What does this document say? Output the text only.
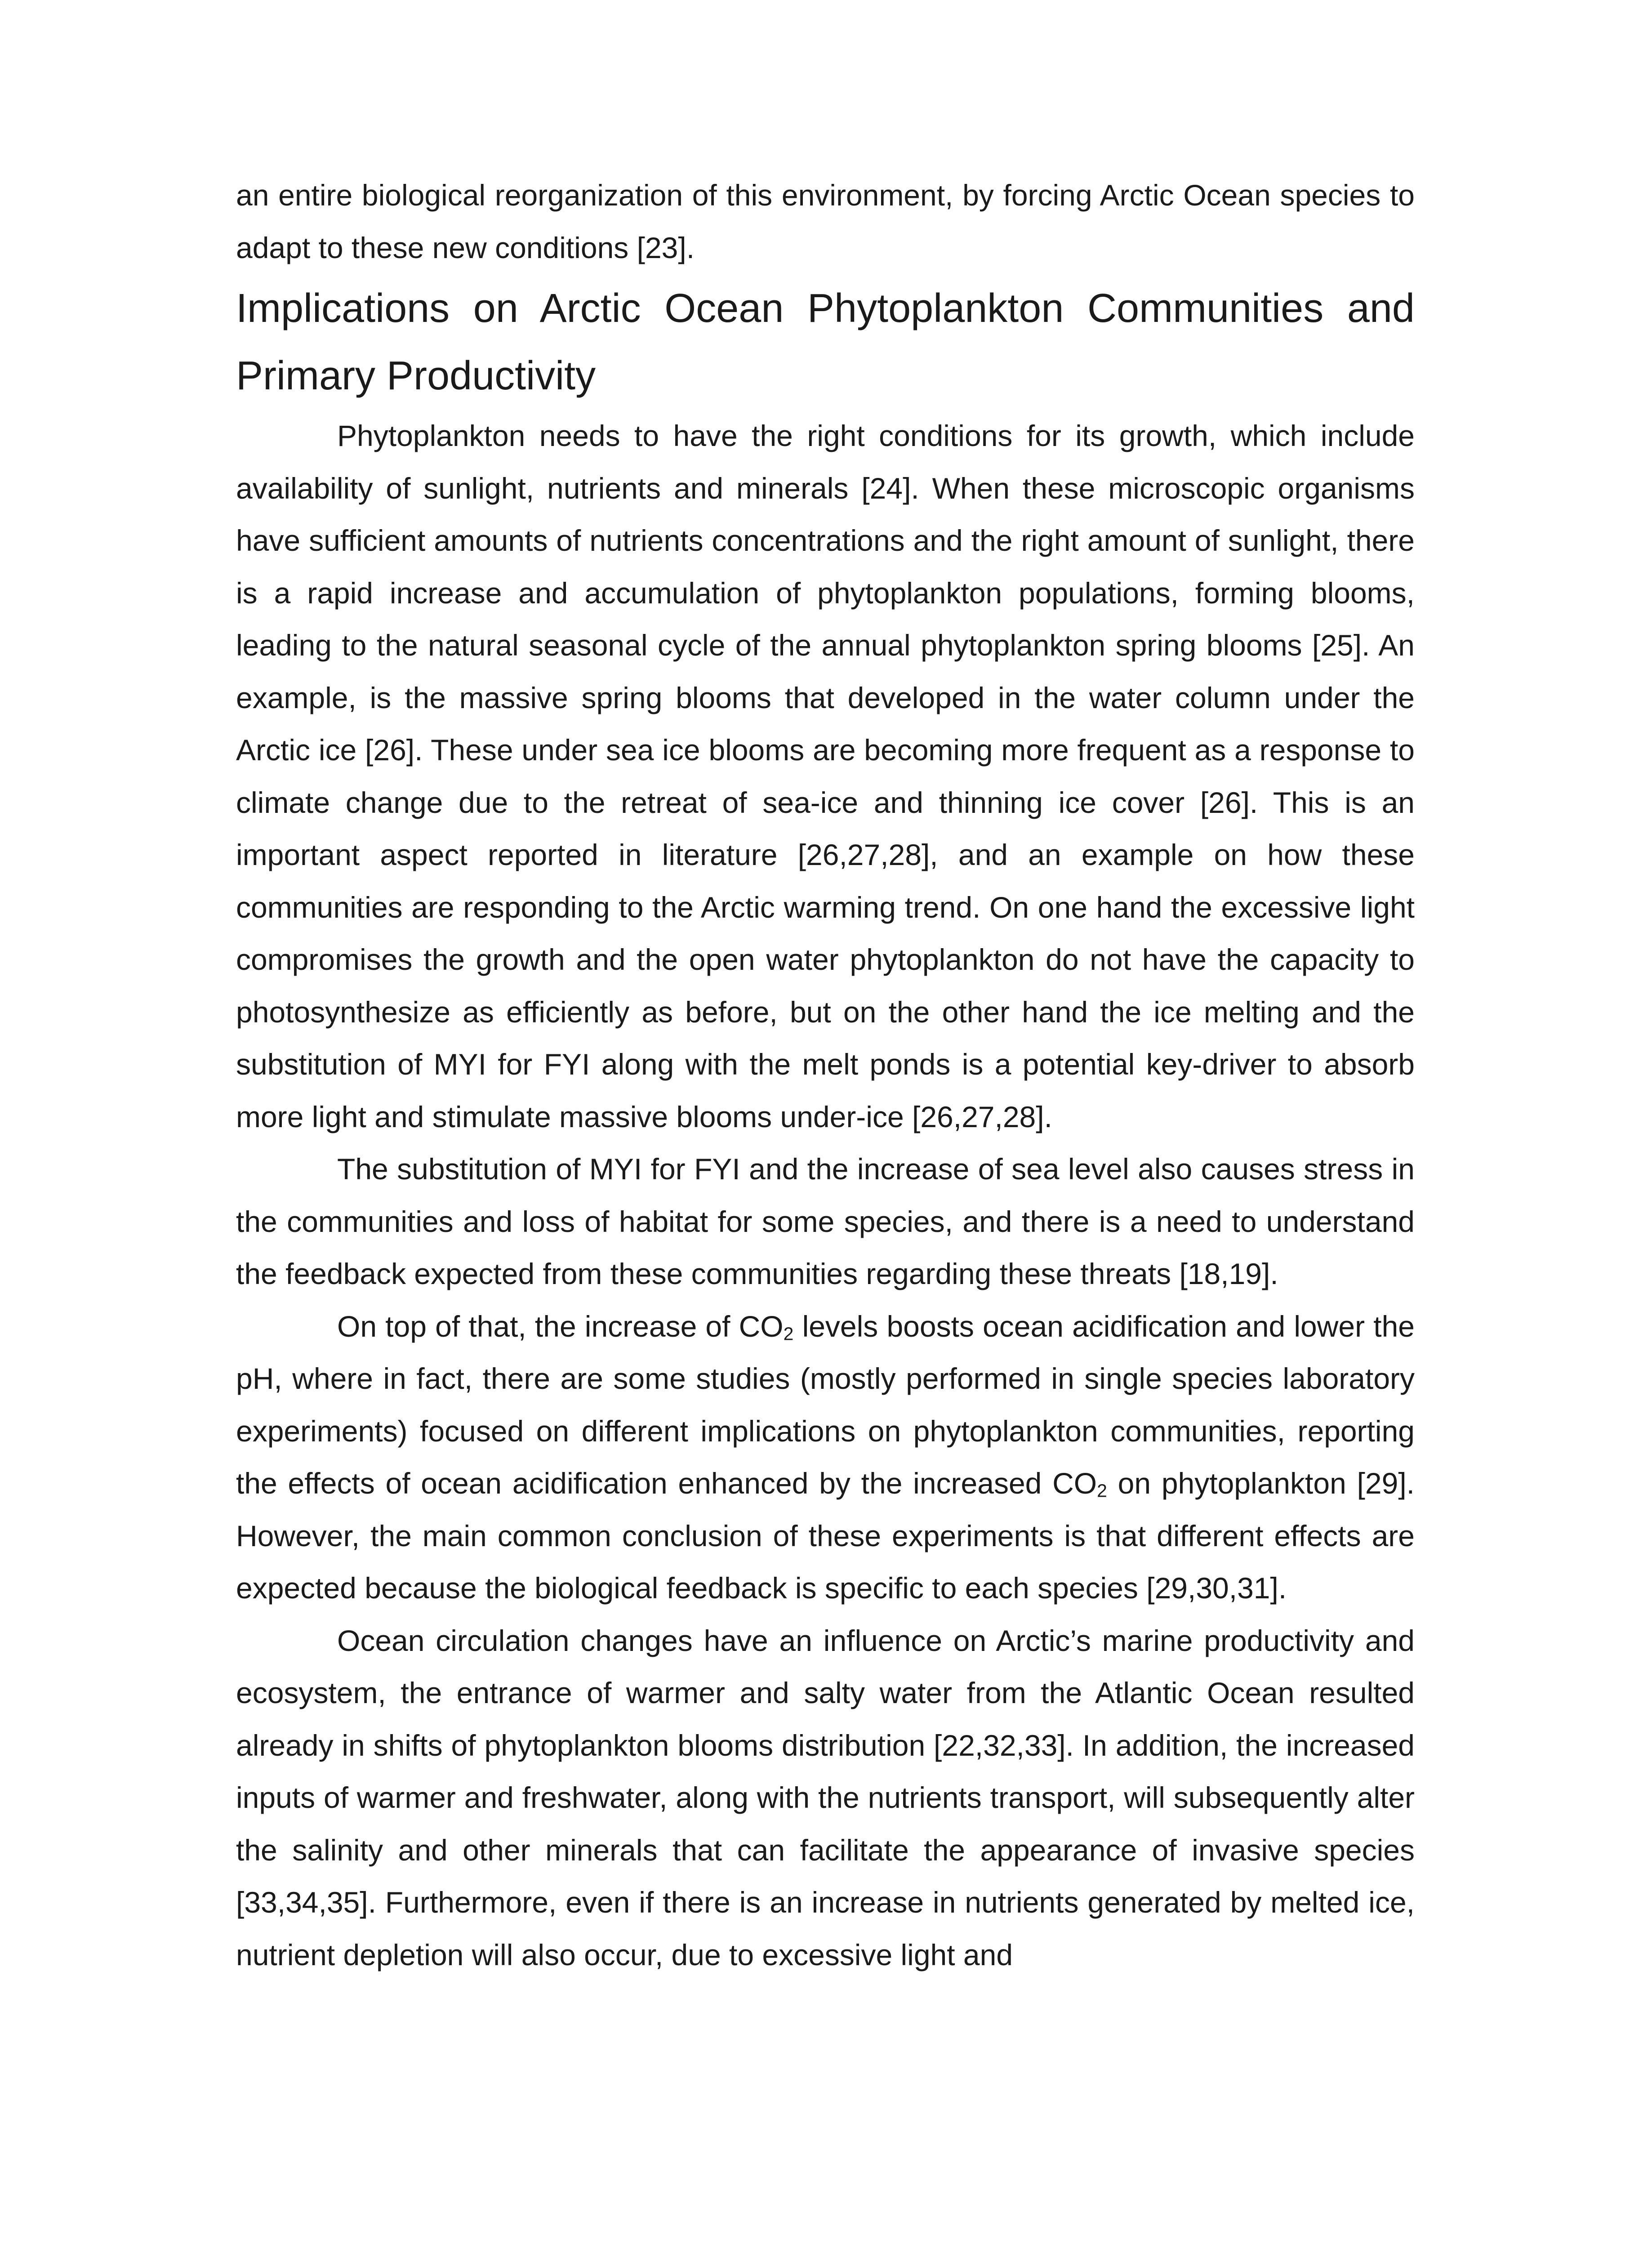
an entire biological reorganization of this environment, by forcing Arctic Ocean species to adapt to these new conditions [23].

Implications on Arctic Ocean Phytoplankton Communities and Primary Productivity

Phytoplankton needs to have the right conditions for its growth, which include availability of sunlight, nutrients and minerals [24]. When these microscopic organisms have sufficient amounts of nutrients concentrations and the right amount of sunlight, there is a rapid increase and accumulation of phytoplankton populations, forming blooms, leading to the natural seasonal cycle of the annual phytoplankton spring blooms [25]. An example, is the massive spring blooms that developed in the water column under the Arctic ice [26]. These under sea ice blooms are becoming more frequent as a response to climate change due to the retreat of sea-ice and thinning ice cover [26]. This is an important aspect reported in literature [26,27,28], and an example on how these communities are responding to the Arctic warming trend. On one hand the excessive light compromises the growth and the open water phytoplankton do not have the capacity to photosynthesize as efficiently as before, but on the other hand the ice melting and the substitution of MYI for FYI along with the melt ponds is a potential key-driver to absorb more light and stimulate massive blooms under-ice [26,27,28].

The substitution of MYI for FYI and the increase of sea level also causes stress in the communities and loss of habitat for some species, and there is a need to understand the feedback expected from these communities regarding these threats [18,19].

On top of that, the increase of $CO_2$ levels boosts ocean acidification and lower the pH, where in fact, there are some studies (mostly performed in single species laboratory experiments) focused on different implications on phytoplankton communities, reporting the effects of ocean acidification enhanced by the increased $CO_2$ on phytoplankton [29]. However, the main common conclusion of these experiments is that different effects are expected because the biological feedback is specific to each species [29,30,31].

Ocean circulation changes have an influence on Arctic’s marine productivity and ecosystem, the entrance of warmer and salty water from the Atlantic Ocean resulted already in shifts of phytoplankton blooms distribution [22,32,33]. In addition, the increased inputs of warmer and freshwater, along with the nutrients transport, will subsequently alter the salinity and other minerals that can facilitate the appearance of invasive species [33,34,35]. Furthermore, even if there is an increase in nutrients generated by melted ice, nutrient depletion will also occur, due to excessive light and
